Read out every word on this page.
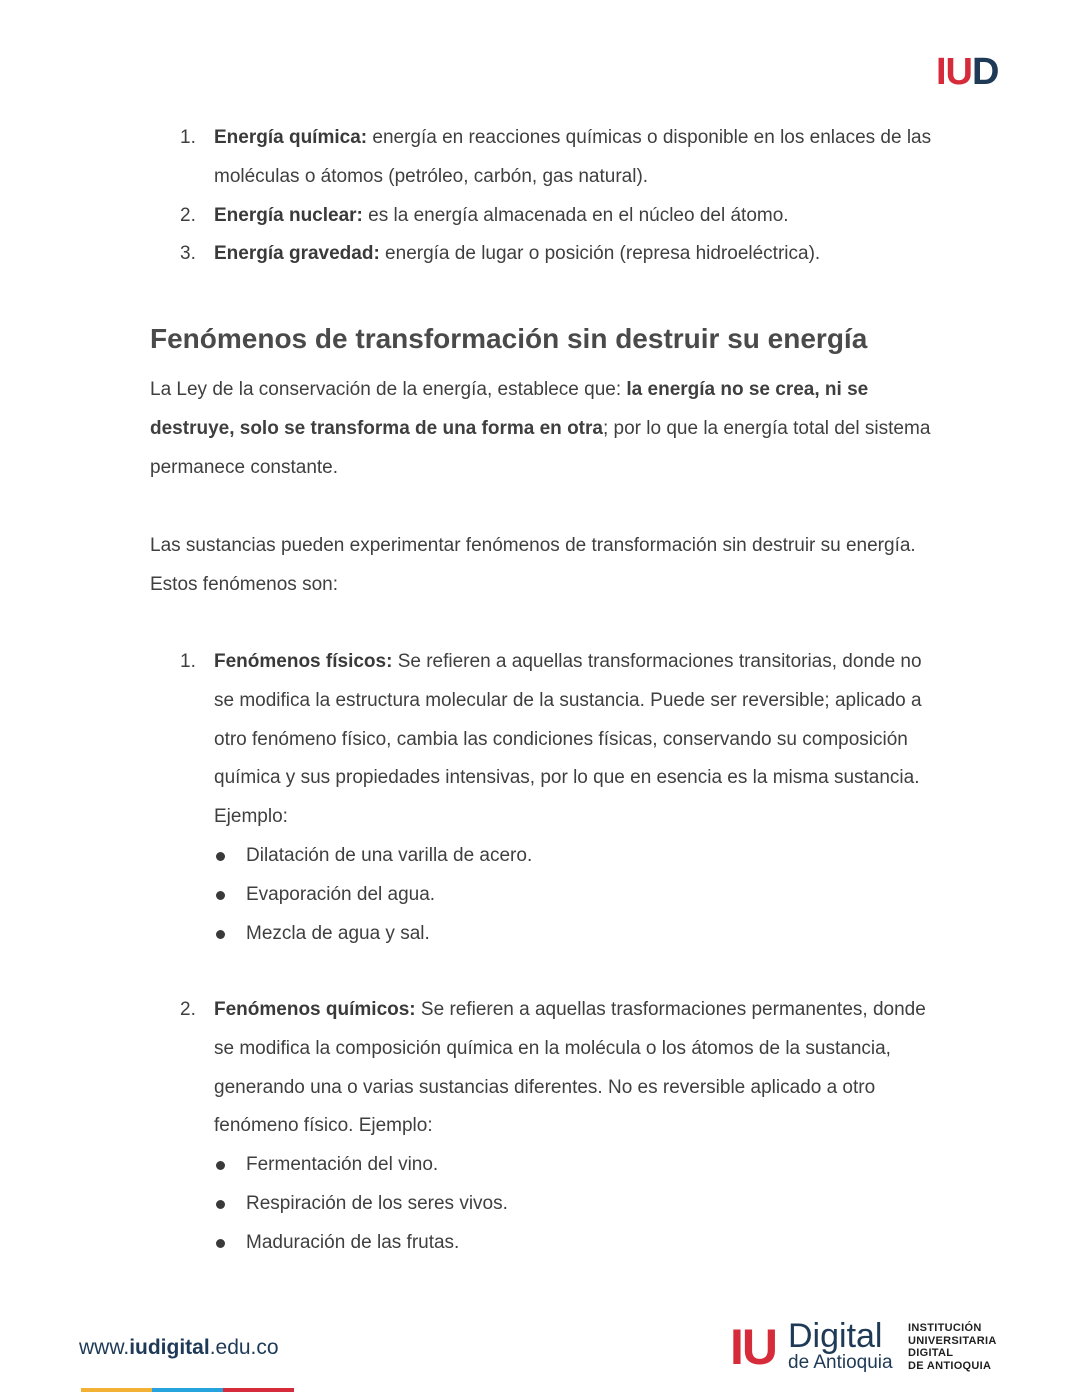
IUD
1. Energía química: energía en reacciones químicas o disponible en los enlaces de las moléculas o átomos (petróleo, carbón, gas natural).
2. Energía nuclear: es la energía almacenada en el núcleo del átomo.
3. Energía gravedad: energía de lugar o posición (represa hidroeléctrica).
Fenómenos de transformación sin destruir su energía

La Ley de la conservación de la energía, establece que: la energía no se crea, ni se destruye, solo se transforma de una forma en otra; por lo que la energía total del sistema permanece constante.

Las sustancias pueden experimentar fenómenos de transformación sin destruir su energía. Estos fenómenos son:

1. Fenómenos físicos: Se refieren a aquellas transformaciones transitorias, donde no se modifica la estructura molecular de la sustancia. Puede ser reversible; aplicado a otro fenómeno físico, cambia las condiciones físicas, conservando su composición química y sus propiedades intensivas, por lo que en esencia es la misma sustancia. Ejemplo:
Dilatación de una varilla de acero.
Evaporación del agua.
Mezcla de agua y sal.
2. Fenómenos químicos: Se refieren a aquellas trasformaciones permanentes, donde se modifica la composición química en la molécula o los átomos de la sustancia, generando una o varias sustancias diferentes. No es reversible aplicado a otro fenómeno físico. Ejemplo:
Fermentación del vino.
Respiración de los seres vivos.
Maduración de las frutas.
www.iudigital.edu.co	IU Digital
de Antioquia
INSTITUCIÓN
UNIVERSITARIA
DIGITAL
DE ANTIOQUIA
